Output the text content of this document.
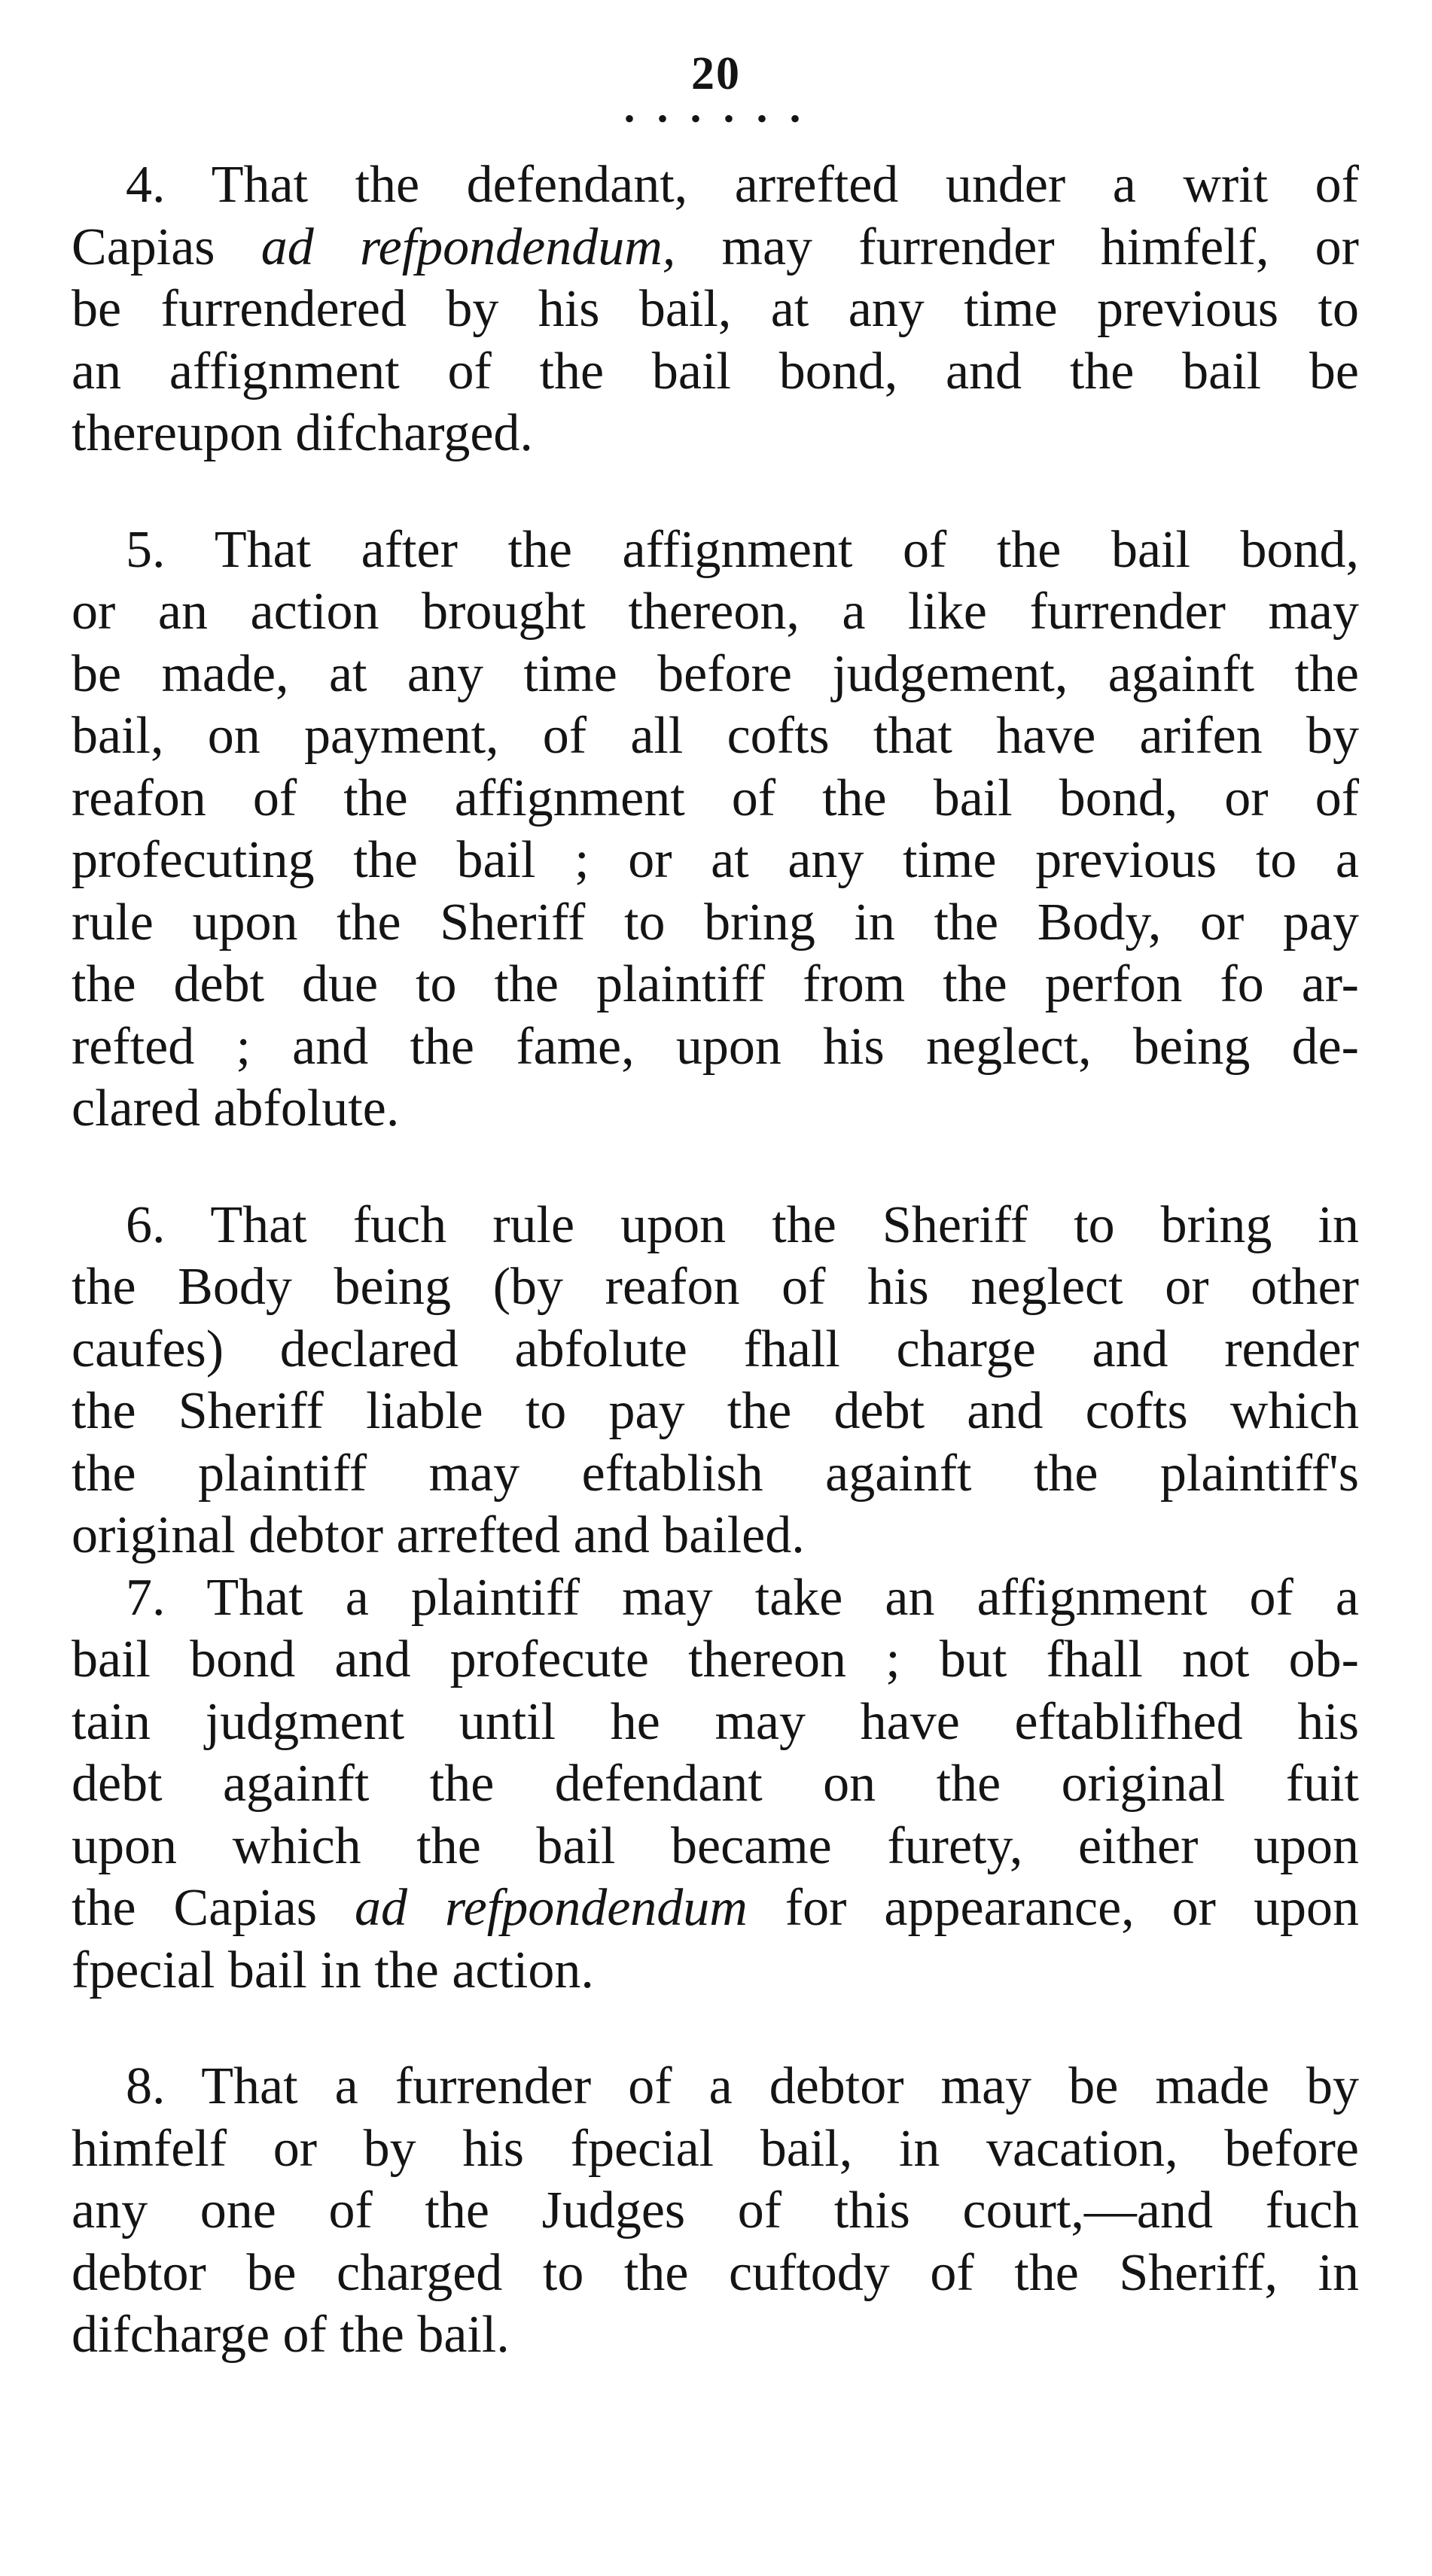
20
• • • • • •
4. That the defendant, arrefted under a writ of
Capias ad refpondendum, may furrender himfelf, or
be furrendered by his bail, at any time previous to
an affignment of the bail bond, and the bail be
thereupon difcharged.
5. That after the affignment of the bail bond,
or an action brought thereon, a like furrender may
be made, at any time before judgement, againft the
bail, on payment, of all cofts that have arifen by
reafon of the affignment of the bail bond, or of
profecuting the bail ; or at any time previous to a
rule upon the Sheriff to bring in the Body, or pay
the debt due to the plaintiff from the perfon fo ar-
refted ; and the fame, upon his neglect, being de-
clared abfolute.
6. That fuch rule upon the Sheriff to bring in
the Body being (by reafon of his neglect or other
caufes) declared abfolute fhall charge and render
the Sheriff liable to pay the debt and cofts which
the plaintiff may eftablish againft the plaintiff's
original debtor arrefted and bailed.
7. That a plaintiff may take an affignment of a
bail bond and profecute thereon ; but fhall not ob-
tain judgment until he may have eftablifhed his
debt againft the defendant on the original fuit
upon which the bail became furety, either upon
the Capias ad refpondendum for appearance, or upon
fpecial bail in the action.
8. That a furrender of a debtor may be made by
himfelf or by his fpecial bail, in vacation, before
any one of the Judges of this court,—and fuch
debtor be charged to the cuftody of the Sheriff, in
difcharge of the bail.
